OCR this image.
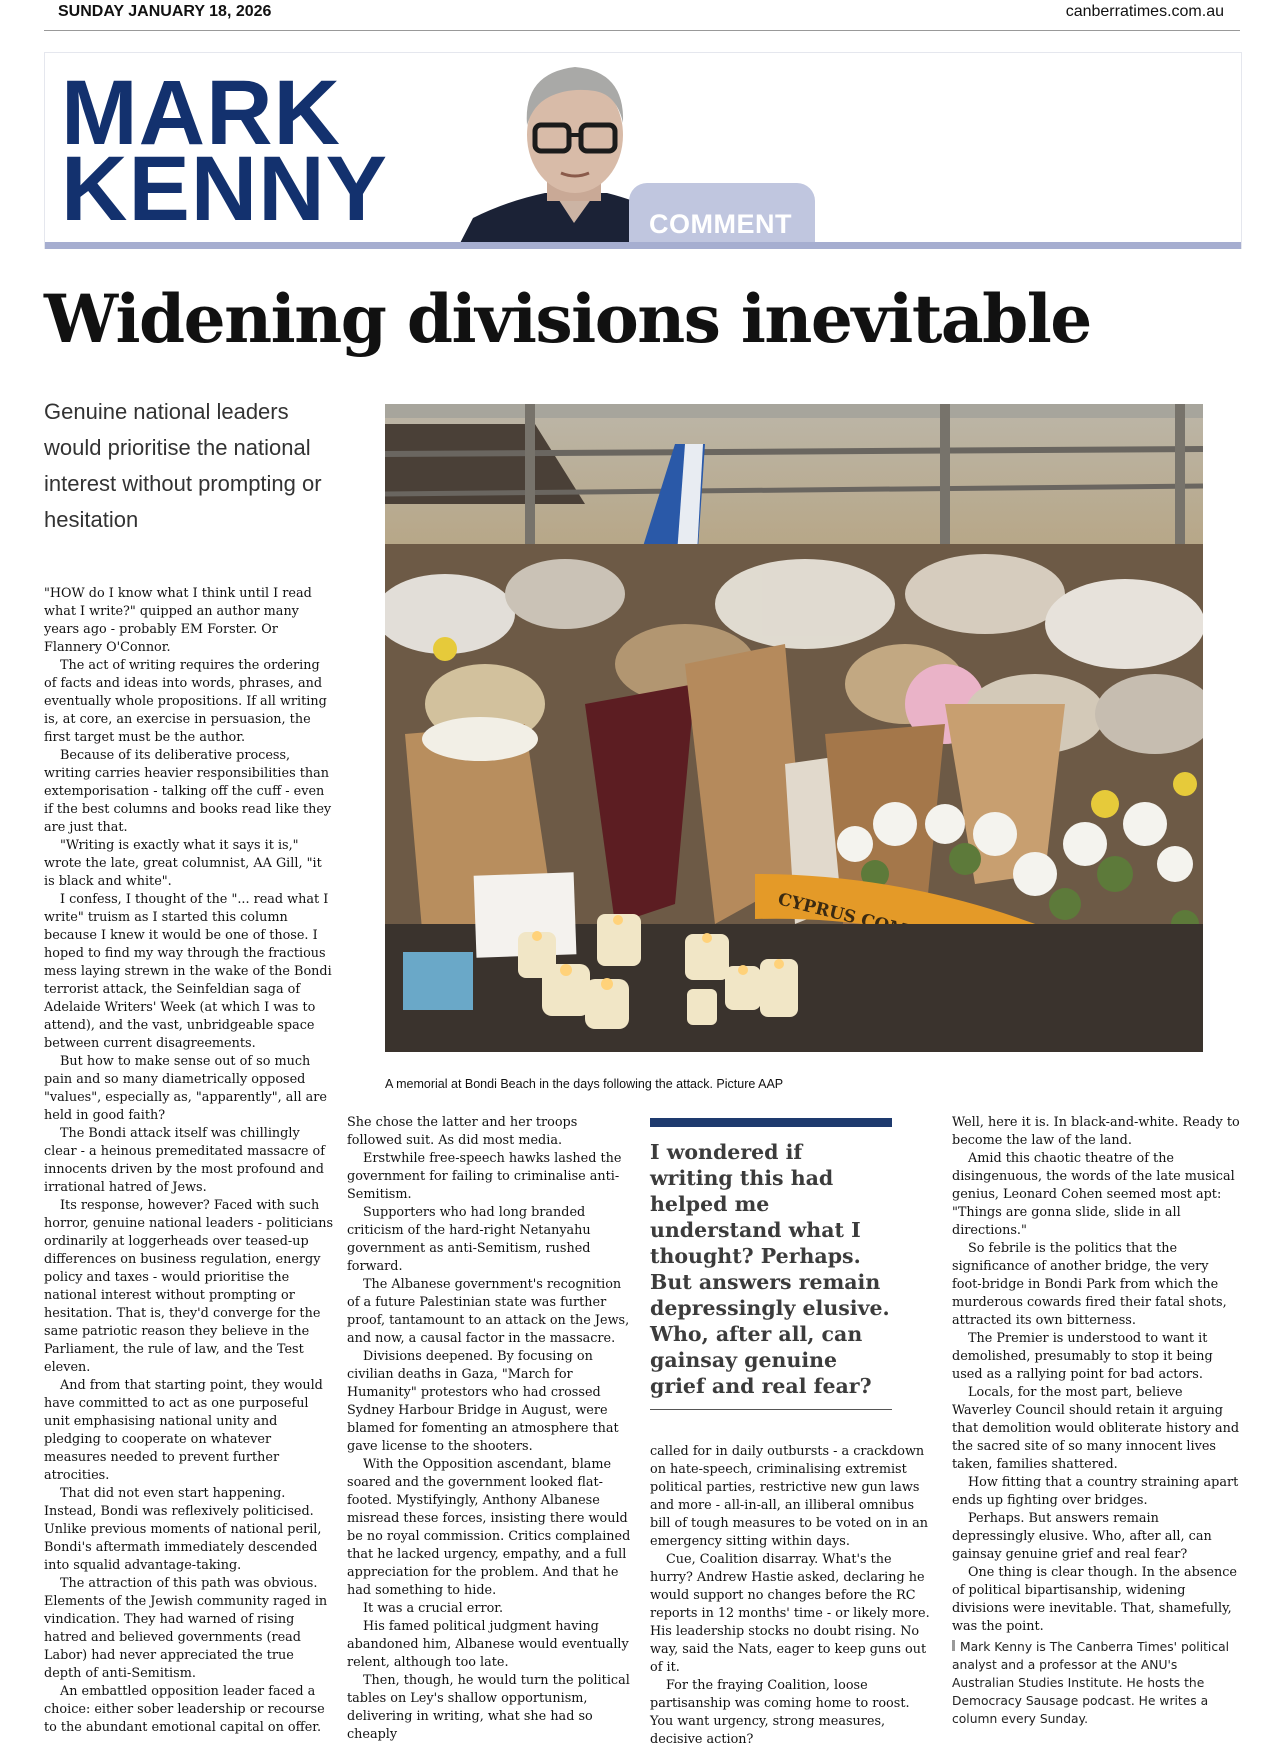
SUNDAY JANUARY 18, 2026	canberratimes.com.au
MARK
KENNY	COMMENT
Widening divisions inevitable
Genuine national leaders would prioritise the national interest without prompting or hesitation
A memorial at Bondi Beach in the days following the attack. Picture AAP

"HOW do I know what I think until I read what I write?" quipped an author many years ago - probably EM Forster. Or Flannery O'Connor.

The act of writing requires the ordering of facts and ideas into words, phrases, and eventually whole propositions. If all writing is, at core, an exercise in persuasion, the first target must be the author.

Because of its deliberative process, writing carries heavier responsibilities than extemporisation - talking off the cuff - even if the best columns and books read like they are just that.

"Writing is exactly what it says it is," wrote the late, great columnist, AA Gill, "it is black and white".

I confess, I thought of the "... read what I write" truism as I started this column because I knew it would be one of those. I hoped to find my way through the fractious mess laying strewn in the wake of the Bondi terrorist attack, the Seinfeldian saga of Adelaide Writers' Week (at which I was to attend), and the vast, unbridgeable space between current disagreements.

But how to make sense out of so much pain and so many diametrically opposed "values", especially as, "apparently", all are held in good faith?

The Bondi attack itself was chillingly clear - a heinous premeditated massacre of innocents driven by the most profound and irrational hatred of Jews.

Its response, however? Faced with such horror, genuine national leaders - politicians ordinarily at loggerheads over teased-up differences on business regulation, energy policy and taxes - would prioritise the national interest without prompting or hesitation. That is, they'd converge for the same patriotic reason they believe in the Parliament, the rule of law, and the Test eleven.

And from that starting point, they would have committed to act as one purposeful unit emphasising national unity and pledging to cooperate on whatever measures needed to prevent further atrocities.

That did not even start happening. Instead, Bondi was reflexively politicised. Unlike previous moments of national peril, Bondi's aftermath immediately descended into squalid advantage-taking.

The attraction of this path was obvious. Elements of the Jewish community raged in vindication. They had warned of rising hatred and believed governments (read Labor) had never appreciated the true depth of anti-Semitism.

An embattled opposition leader faced a choice: either sober leadership or recourse to the abundant emotional capital on offer.

She chose the latter and her troops followed suit. As did most media.

Erstwhile free-speech hawks lashed the government for failing to criminalise anti-Semitism.

Supporters who had long branded criticism of the hard-right Netanyahu government as anti-Semitism, rushed forward.

The Albanese government's recognition of a future Palestinian state was further proof, tantamount to an attack on the Jews, and now, a causal factor in the massacre.

Divisions deepened. By focusing on civilian deaths in Gaza, "March for Humanity" protestors who had crossed Sydney Harbour Bridge in August, were blamed for fomenting an atmosphere that gave license to the shooters.

With the Opposition ascendant, blame soared and the government looked flat-footed. Mystifyingly, Anthony Albanese misread these forces, insisting there would be no royal commission. Critics complained that he lacked urgency, empathy, and a full appreciation for the problem. And that he had something to hide.

It was a crucial error.

His famed political judgment having abandoned him, Albanese would eventually relent, although too late.

Then, though, he would turn the political tables on Ley's shallow opportunism, delivering in writing, what she had so cheaply

I wondered if writing this had helped me understand what I thought? Perhaps. But answers remain depressingly elusive. Who, after all, can gainsay genuine grief and real fear?

called for in daily outbursts - a crackdown on hate-speech, criminalising extremist political parties, restrictive new gun laws and more - all-in-all, an illiberal omnibus bill of tough measures to be voted on in an emergency sitting within days.

Cue, Coalition disarray. What's the hurry? Andrew Hastie asked, declaring he would support no changes before the RC reports in 12 months' time - or likely more. His leadership stocks no doubt rising. No way, said the Nats, eager to keep guns out of it.

For the fraying Coalition, loose partisanship was coming home to roost. You want urgency, strong measures, decisive action?

Well, here it is. In black-and-white. Ready to become the law of the land.

Amid this chaotic theatre of the disingenuous, the words of the late musical genius, Leonard Cohen seemed most apt: "Things are gonna slide, slide in all directions."

So febrile is the politics that the significance of another bridge, the very foot-bridge in Bondi Park from which the murderous cowards fired their fatal shots, attracted its own bitterness.

The Premier is understood to want it demolished, presumably to stop it being used as a rallying point for bad actors.

Locals, for the most part, believe Waverley Council should retain it arguing that demolition would obliterate history and the sacred site of so many innocent lives taken, families shattered.

How fitting that a country straining apart ends up fighting over bridges.

Perhaps. But answers remain depressingly elusive. Who, after all, can gainsay genuine grief and real fear?

One thing is clear though. In the absence of political bipartisanship, widening divisions were inevitable. That, shamefully, was the point.

Mark Kenny is The Canberra Times' political analyst and a professor at the ANU's Australian Studies Institute. He hosts the Democracy Sausage podcast. He writes a column every Sunday.
